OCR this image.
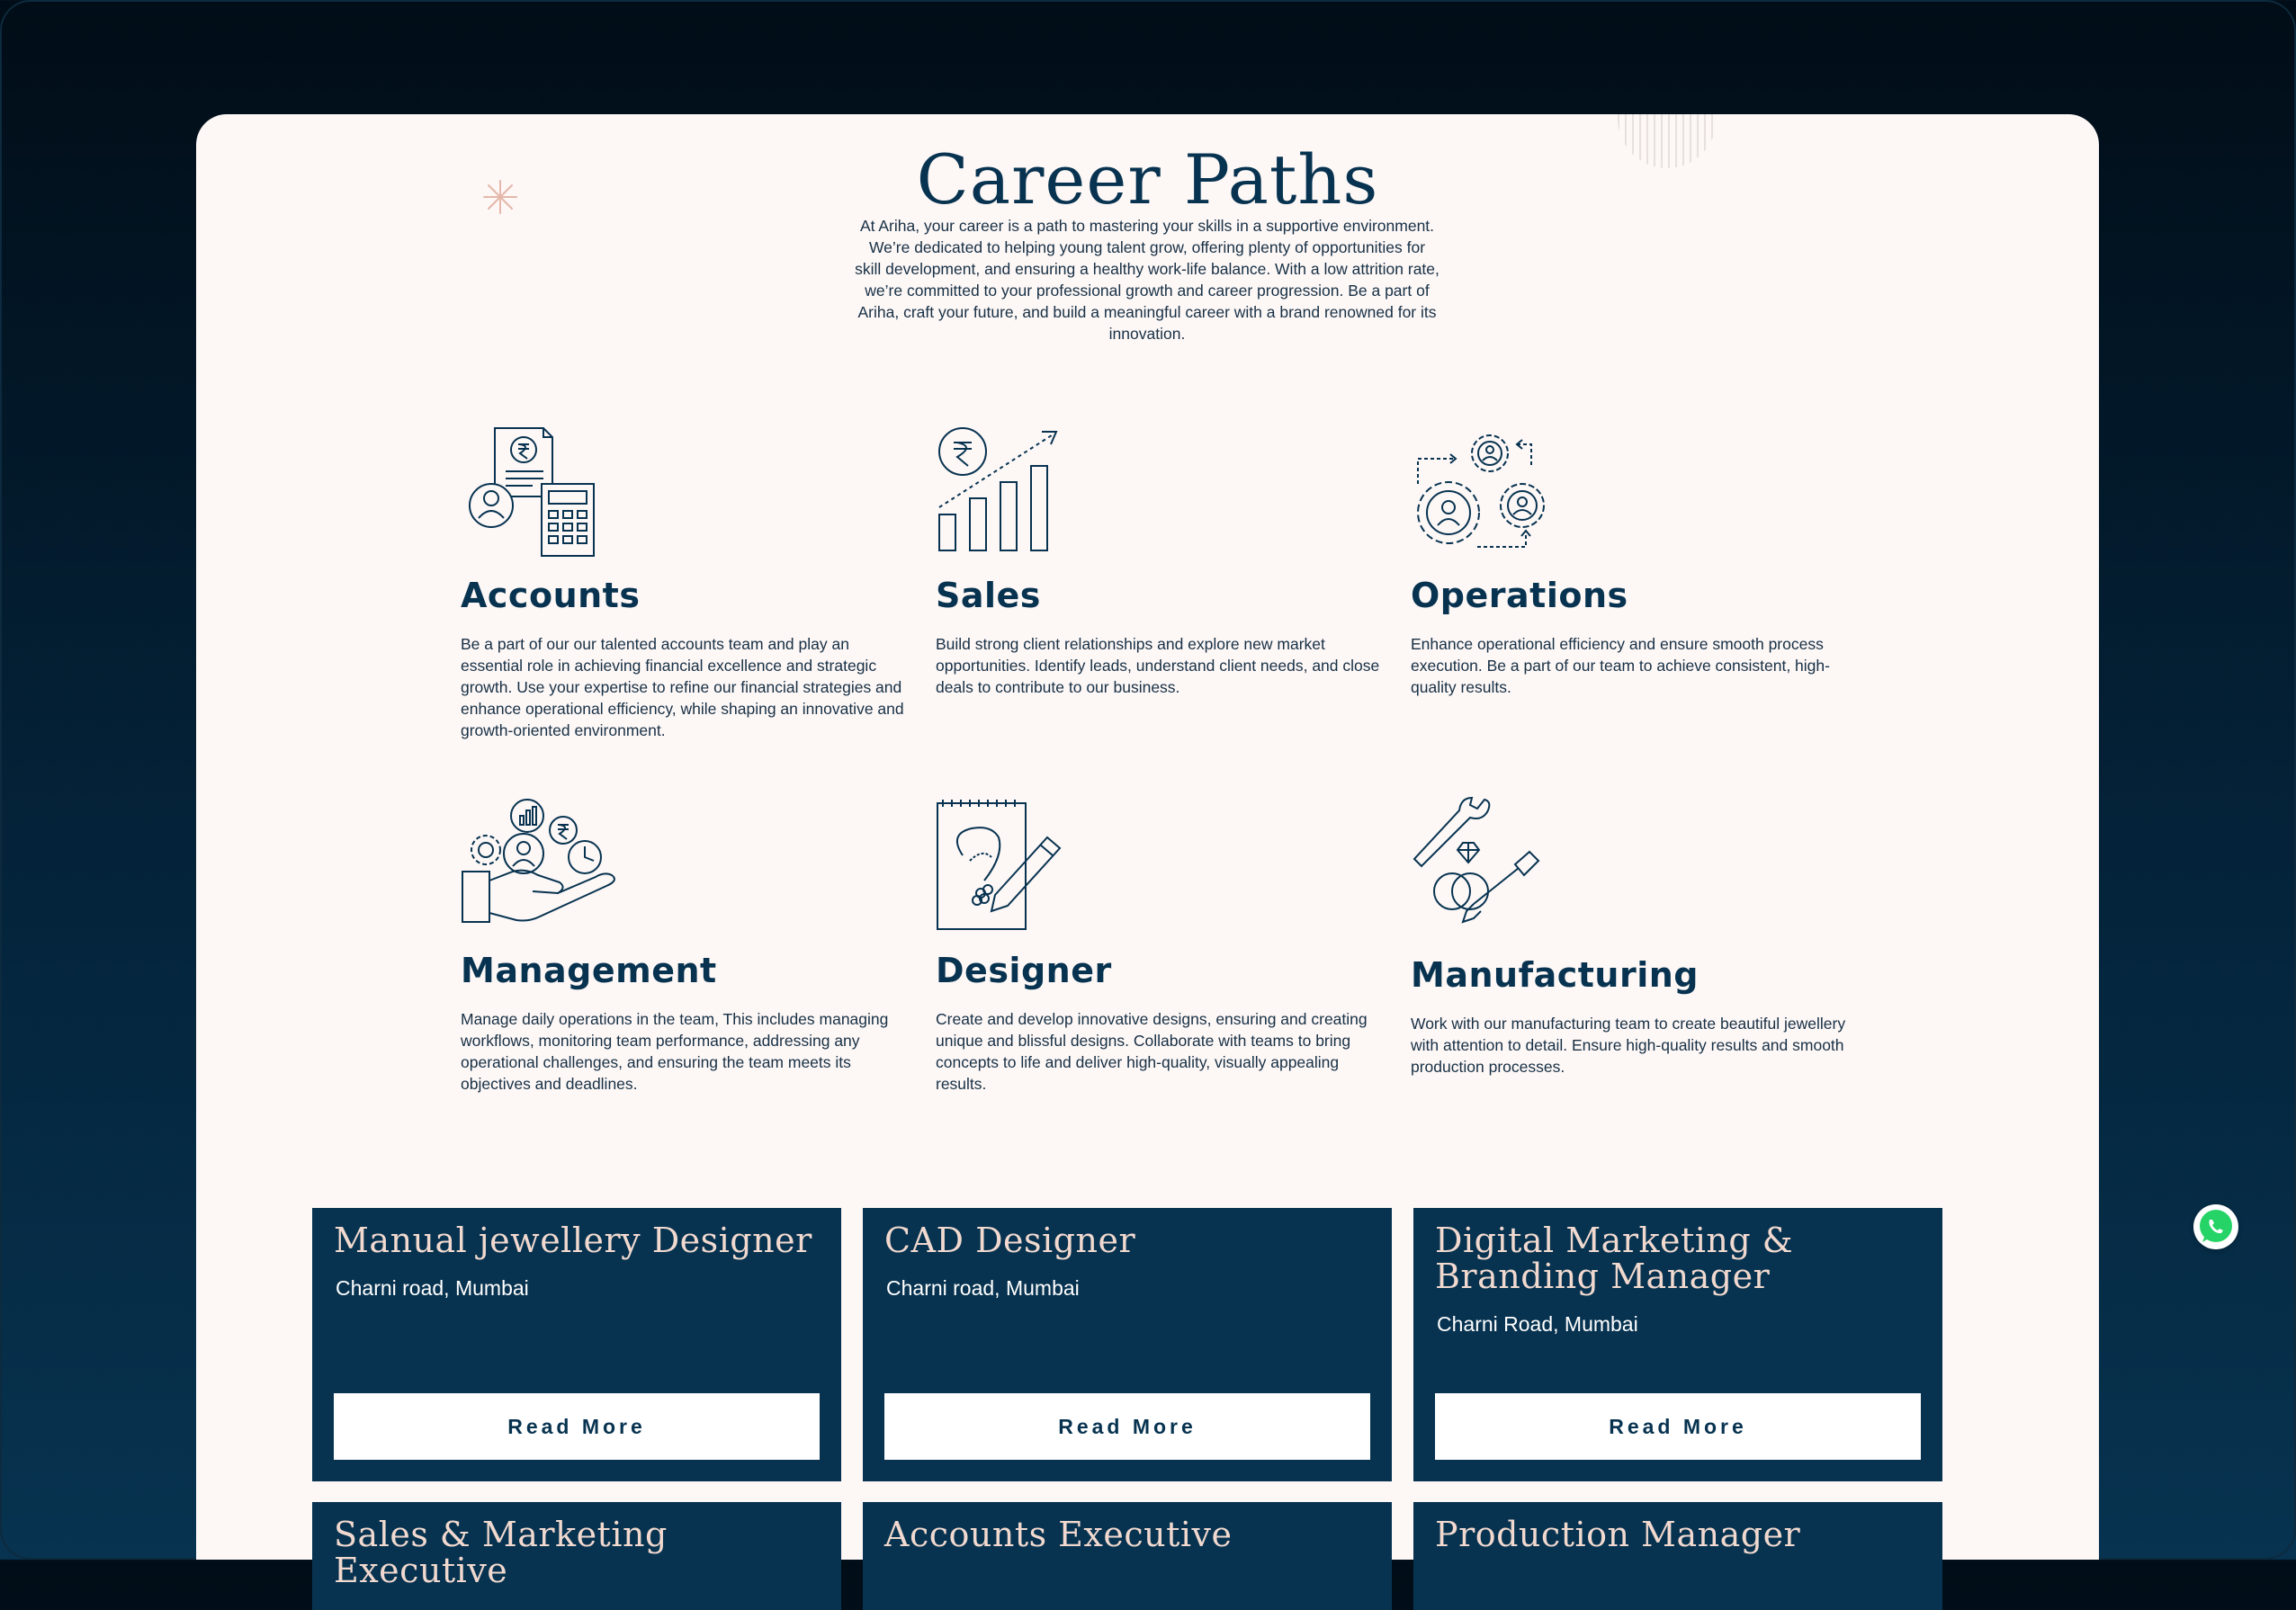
Career Paths

At Ariha, your career is a path to mastering your skills in a supportive environment. We’re dedicated to helping young talent grow, offering plenty of opportunities for skill development, and ensuring a healthy work-life balance. With a low attrition rate, we’re committed to your professional growth and career progression. Be a part of Ariha, craft your future, and build a meaningful career with a brand renowned for its innovation.

Accounts

Be a part of our our talented accounts team and play an essential role in achieving financial excellence and strategic growth. Use your expertise to refine our financial strategies and enhance operational efficiency, while shaping an innovative and growth-oriented environment.

Sales

Build strong client relationships and explore new market opportunities. Identify leads, understand client needs, and close deals to contribute to our business.

Operations

Enhance operational efficiency and ensure smooth process execution. Be a part of our team to achieve consistent, high-quality results.

Management

Manage daily operations in the team, This includes managing workflows, monitoring team performance, addressing any operational challenges, and ensuring the team meets its objectives and deadlines.

Designer

Create and develop innovative designs, ensuring and creating unique and blissful designs. Collaborate with teams to bring concepts to life and deliver high-quality, visually appealing results.

Manufacturing

Work with our manufacturing team to create beautiful jewellery with attention to detail. Ensure high-quality results and smooth production processes.

Manual jewellery Designer

Charni road, Mumbai

Read More
CAD Designer

Charni road, Mumbai

Read More
Digital Marketing & Branding Manager

Charni Road, Mumbai

Read More
Sales & Marketing Executive
Accounts Executive	Production Manager
